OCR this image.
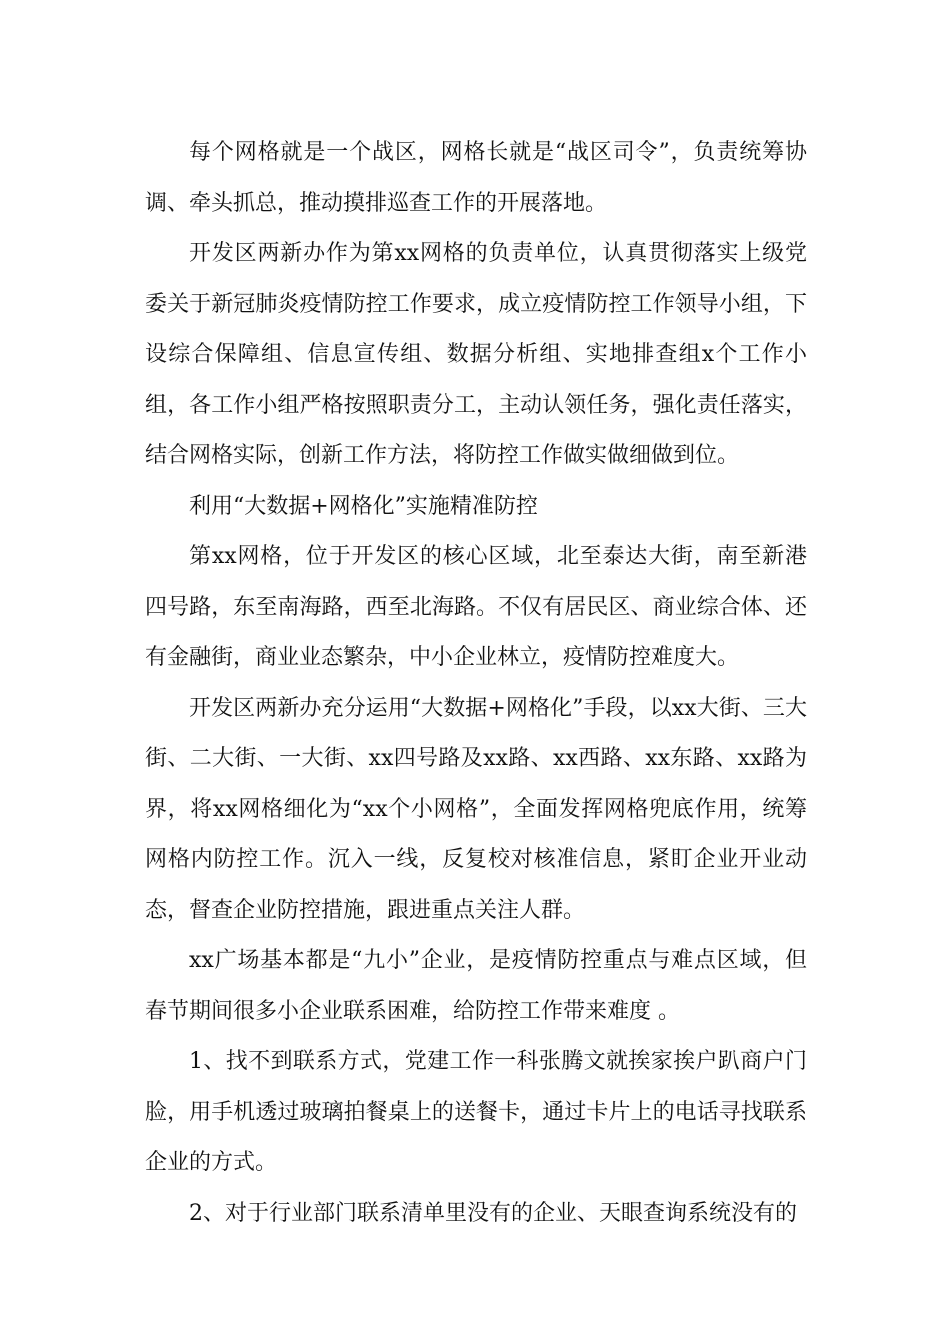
每个网格就是一个战区，网格长就是“战区司令”，负责统筹协调、牵头抓总，推动摸排巡查工作的开展落地。

开发区两新办作为第xx网格的负责单位，认真贯彻落实上级党委关于新冠肺炎疫情防控工作要求，成立疫情防控工作领导小组，下设综合保障组、信息宣传组、数据分析组、实地排查组x个工作小组，各工作小组严格按照职责分工，主动认领任务，强化责任落实，结合网格实际，创新工作方法，将防控工作做实做细做到位。

利用“大数据+网格化”实施精准防控

第xx网格，位于开发区的核心区域，北至泰达大街，南至新港四号路，东至南海路，西至北海路。不仅有居民区、商业综合体、还有金融街，商业业态繁杂，中小企业林立，疫情防控难度大。

开发区两新办充分运用“大数据+网格化”手段，以xx大街、三大街、二大街、一大街、xx四号路及xx路、xx西路、xx东路、xx路为界，将xx网格细化为“xx个小网格”，全面发挥网格兜底作用，统筹网格内防控工作。沉入一线，反复校对核准信息，紧盯企业开业动态，督查企业防控措施，跟进重点关注人群。

xx广场基本都是“九小”企业，是疫情防控重点与难点区域，但春节期间很多小企业联系困难，给防控工作带来难度 。

1、找不到联系方式，党建工作一科张腾文就挨家挨户趴商户门脸，用手机透过玻璃拍餐桌上的送餐卡，通过卡片上的电话寻找联系企业的方式。

2、对于行业部门联系清单里没有的企业、天眼查询系统没有的
